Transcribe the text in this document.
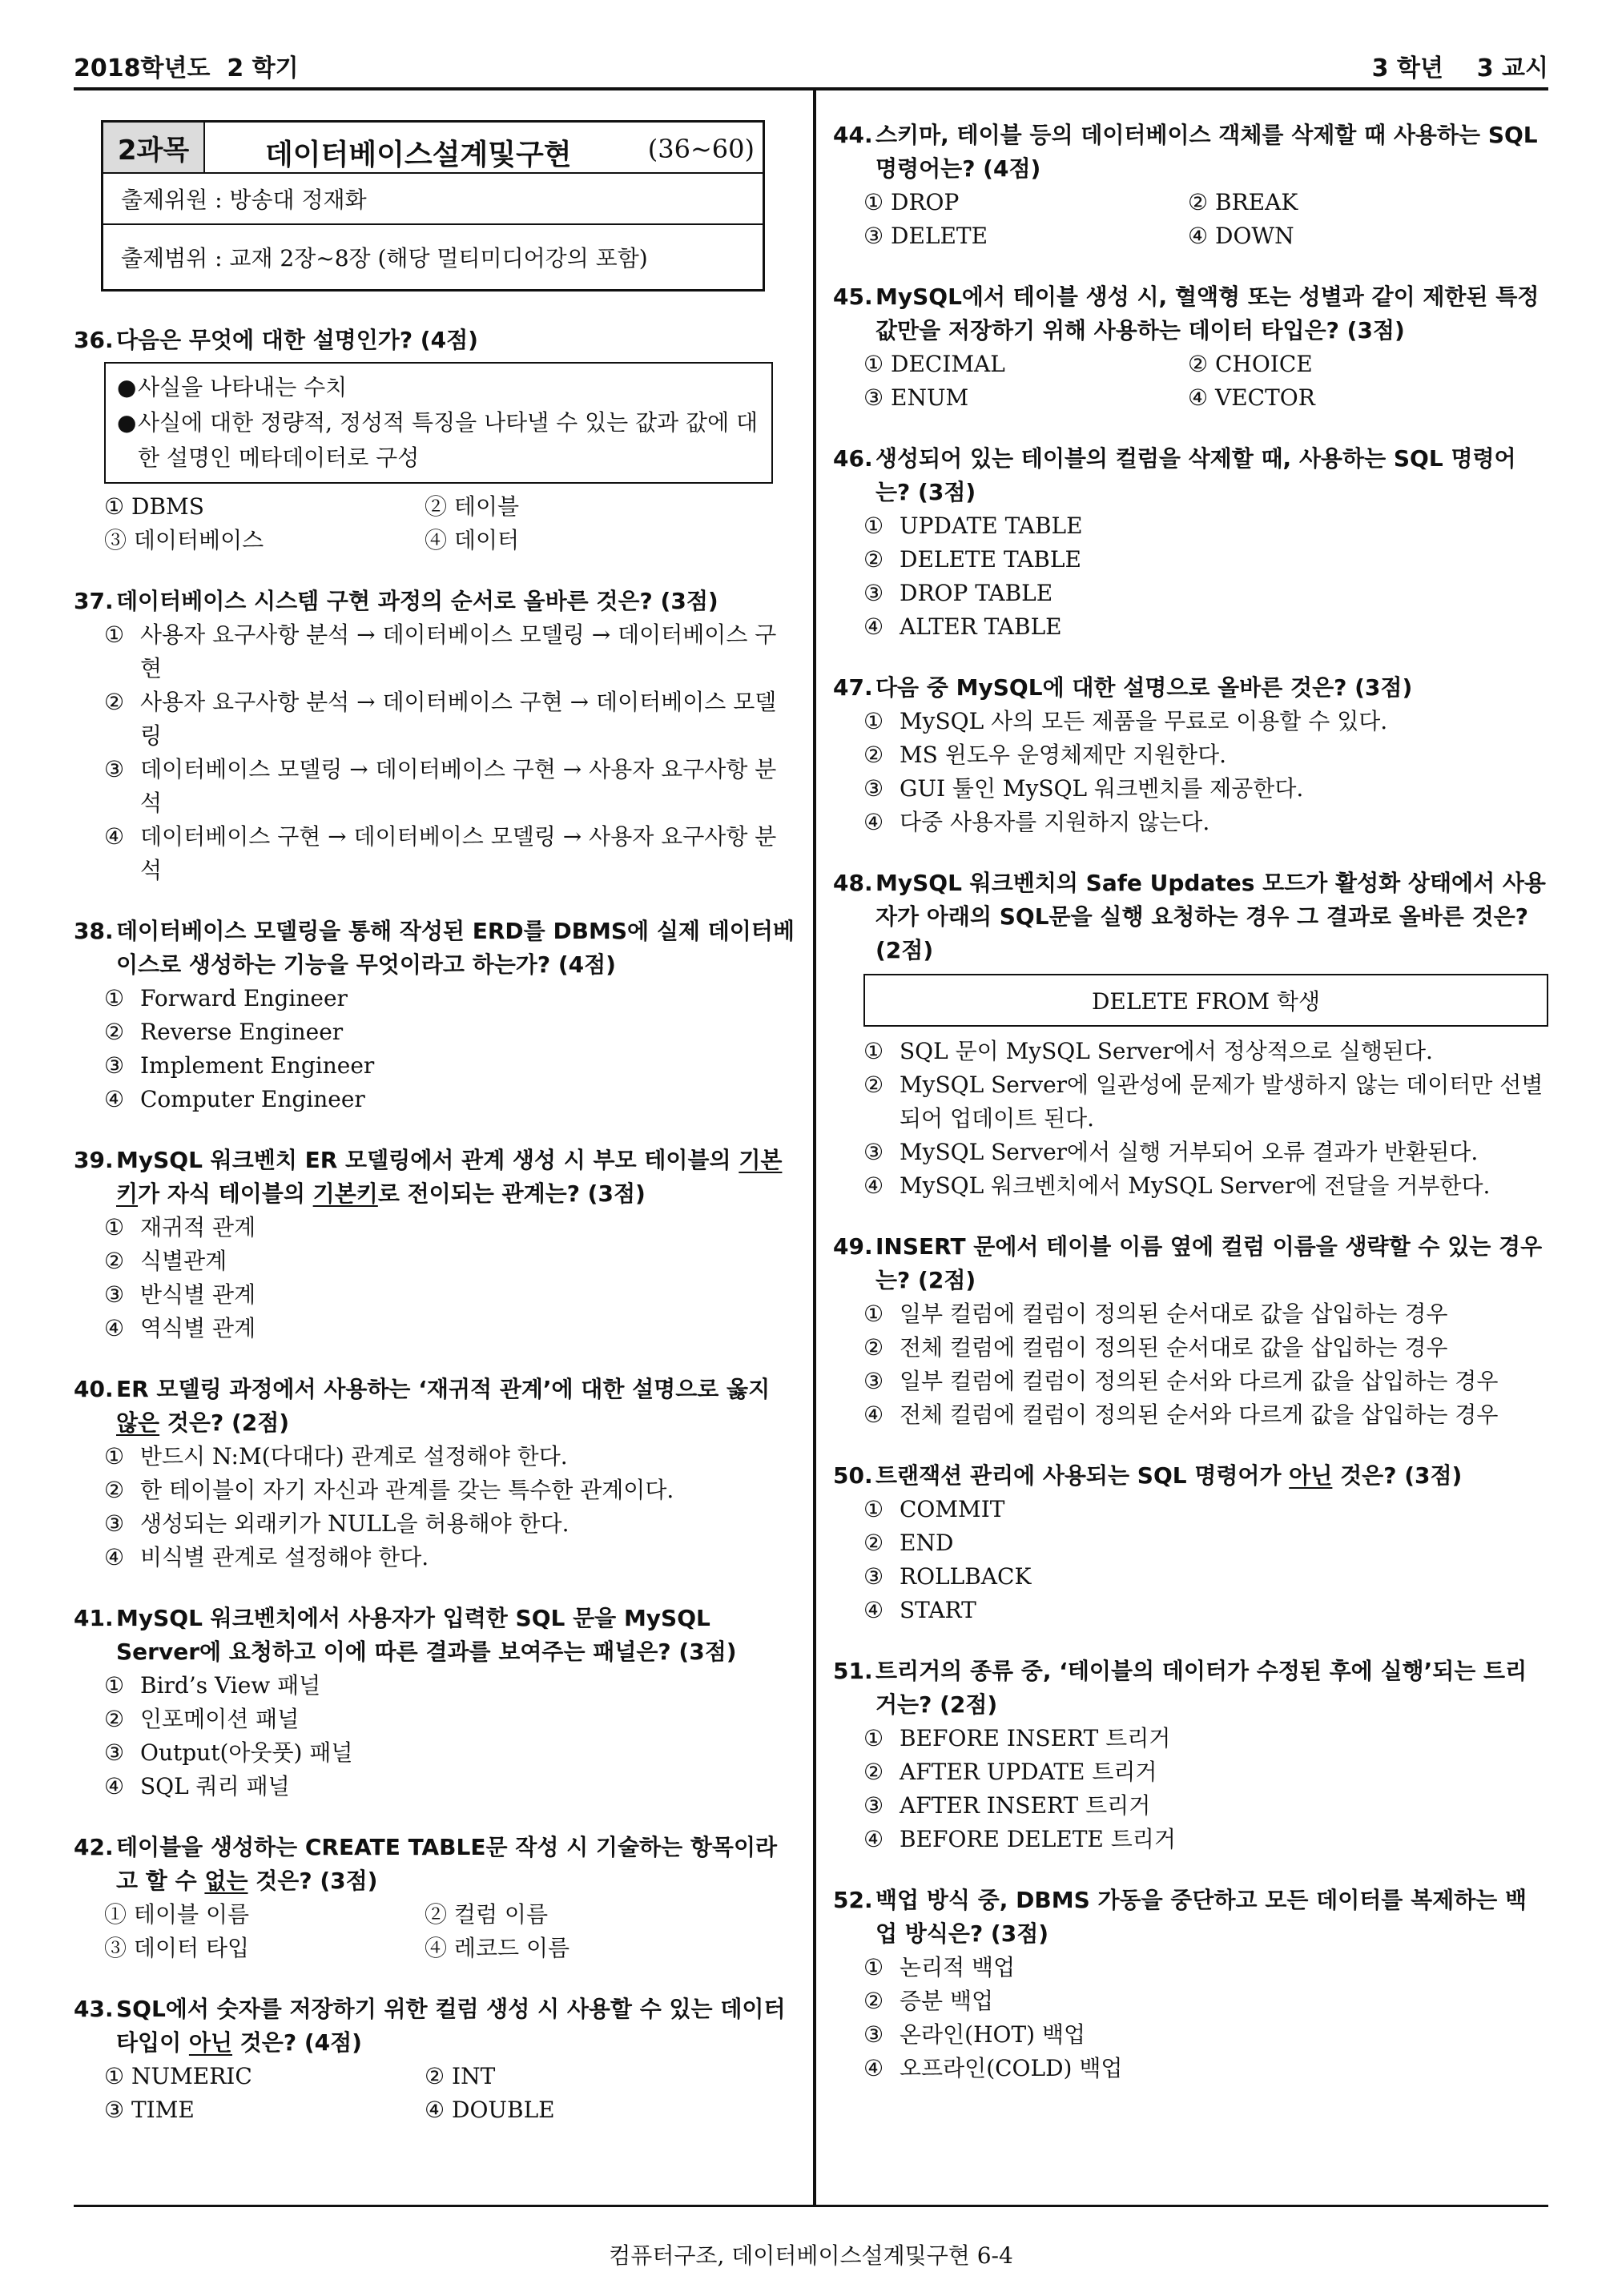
2018학년도  2 학기	3 학년    3 교시
2과목	데이터베이스설계및구현	(36~60)
출제위원 : 방송대 정재화
출제범위 : 교재 2장~8장 (해당 멀티미디어강의 포함)
36. 다음은 무엇에 대한 설명인가? (4점)
●사실을 나타내는 수치
●사실에 대한 정량적, 정성적 특징을 나타낼 수 있는 값과 값에 대한 설명인 메타데이터로 구성
① DBMS	② 테이블
③ 데이터베이스	④ 데이터
37. 데이터베이스 시스템 구현 과정의 순서로 올바른 것은? (3점)
① 사용자 요구사항 분석 → 데이터베이스 모델링 → 데이터베이스 구현
② 사용자 요구사항 분석 → 데이터베이스 구현 → 데이터베이스 모델링
③ 데이터베이스 모델링 → 데이터베이스 구현 → 사용자 요구사항 분석
④ 데이터베이스 구현 → 데이터베이스 모델링 → 사용자 요구사항 분석
38. 데이터베이스 모델링을 통해 작성된 ERD를 DBMS에 실제 데이터베이스로 생성하는 기능을 무엇이라고 하는가? (4점)
① Forward Engineer
② Reverse Engineer
③ Implement Engineer
④ Computer Engineer
39. MySQL 워크벤치 ER 모델링에서 관계 생성 시 부모 테이블의 기본키가 자식 테이블의 기본키로 전이되는 관계는? (3점)
① 재귀적 관계
② 식별관계
③ 반식별 관계
④ 역식별 관계
40. ER 모델링 과정에서 사용하는 ‘재귀적 관계’에 대한 설명으로 옳지 않은 것은? (2점)
① 반드시 N:M(다대다) 관계로 설정해야 한다.
② 한 테이블이 자기 자신과 관계를 갖는 특수한 관계이다.
③ 생성되는 외래키가 NULL을 허용해야 한다.
④ 비식별 관계로 설정해야 한다.
41. MySQL 워크벤치에서 사용자가 입력한 SQL 문을 MySQL Server에 요청하고 이에 따른 결과를 보여주는 패널은? (3점)
① Bird’s View 패널
② 인포메이션 패널
③ Output(아웃풋) 패널
④ SQL 쿼리 패널
42. 테이블을 생성하는 CREATE TABLE문 작성 시 기술하는 항목이라고 할 수 없는 것은? (3점)
① 테이블 이름	② 컬럼 이름
③ 데이터 타입	④ 레코드 이름
43. SQL에서 숫자를 저장하기 위한 컬럼 생성 시 사용할 수 있는 데이터 타입이 아닌 것은? (4점)
① NUMERIC	② INT
③ TIME	④ DOUBLE
44. 스키마, 테이블 등의 데이터베이스 객체를 삭제할 때 사용하는 SQL 명령어는? (4점)
① DROP	② BREAK
③ DELETE	④ DOWN
45. MySQL에서 테이블 생성 시, 혈액형 또는 성별과 같이 제한된 특정 값만을 저장하기 위해 사용하는 데이터 타입은? (3점)
① DECIMAL	② CHOICE
③ ENUM	④ VECTOR
46. 생성되어 있는 테이블의 컬럼을 삭제할 때, 사용하는 SQL 명령어는? (3점)
① UPDATE TABLE
② DELETE TABLE
③ DROP TABLE
④ ALTER TABLE
47. 다음 중 MySQL에 대한 설명으로 올바른 것은? (3점)
① MySQL 사의 모든 제품을 무료로 이용할 수 있다.
② MS 윈도우 운영체제만 지원한다.
③ GUI 툴인 MySQL 워크벤치를 제공한다.
④ 다중 사용자를 지원하지 않는다.
48. MySQL 워크벤치의 Safe Updates 모드가 활성화 상태에서 사용자가 아래의 SQL문을 실행 요청하는 경우 그 결과로 올바른 것은? (2점)
DELETE FROM 학생
① SQL 문이 MySQL Server에서 정상적으로 실행된다.
② MySQL Server에 일관성에 문제가 발생하지 않는 데이터만 선별되어 업데이트 된다.
③ MySQL Server에서 실행 거부되어 오류 결과가 반환된다.
④ MySQL 워크벤치에서 MySQL Server에 전달을 거부한다.
49. INSERT 문에서 테이블 이름 옆에 컬럼 이름을 생략할 수 있는 경우는? (2점)
① 일부 컬럼에 컬럼이 정의된 순서대로 값을 삽입하는 경우
② 전체 컬럼에 컬럼이 정의된 순서대로 값을 삽입하는 경우
③ 일부 컬럼에 컬럼이 정의된 순서와 다르게 값을 삽입하는 경우
④ 전체 컬럼에 컬럼이 정의된 순서와 다르게 값을 삽입하는 경우
50. 트랜잭션 관리에 사용되는 SQL 명령어가 아닌 것은? (3점)
① COMMIT
② END
③ ROLLBACK
④ START
51. 트리거의 종류 중, ‘테이블의 데이터가 수정된 후에 실행’되는 트리거는? (2점)
① BEFORE INSERT 트리거
② AFTER UPDATE 트리거
③ AFTER INSERT 트리거
④ BEFORE DELETE 트리거
52. 백업 방식 중, DBMS 가동을 중단하고 모든 데이터를 복제하는 백업 방식은? (3점)
① 논리적 백업
② 증분 백업
③ 온라인(HOT) 백업
④ 오프라인(COLD) 백업
컴퓨터구조, 데이터베이스설계및구현 6-4
